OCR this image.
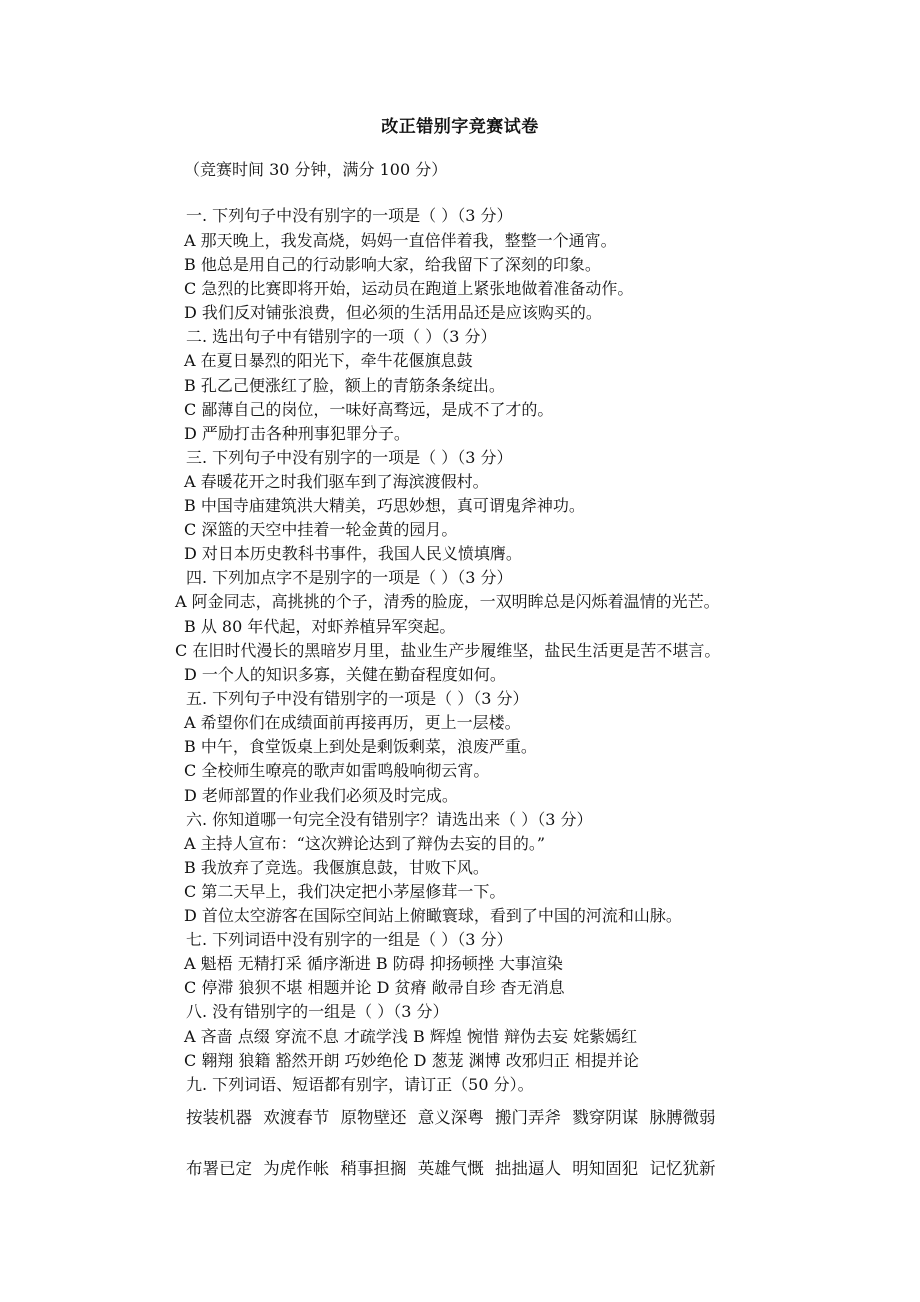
改正错别字竞赛试卷
（竞赛时间 30 分钟，满分 100 分）
一. 下列句子中没有别字的一项是（ ）（3 分）
A 那天晚上，我发高烧，妈妈一直倍伴着我，整整一个通宵。
B 他总是用自己的行动影响大家，给我留下了深刻的印象。
C 急烈的比赛即将开始，运动员在跑道上紧张地做着准备动作。
D 我们反对铺张浪费，但必须的生活用品还是应该购买的。
二. 选出句子中有错别字的一项（ ）（3 分）
A 在夏日暴烈的阳光下，牵牛花偃旗息鼓
B 孔乙己便涨红了脸，额上的青筋条条绽出。
C 鄙薄自己的岗位，一味好高骛远，是成不了才的。
D 严励打击各种刑事犯罪分子。
三. 下列句子中没有别字的一项是（ ）（3 分）
A 春暖花开之时我们驱车到了海滨渡假村。
B 中国寺庙建筑洪大精美，巧思妙想，真可谓鬼斧神功。
C 深篮的天空中挂着一轮金黄的园月。
D 对日本历史教科书事件，我国人民义愤填膺。
四. 下列加点字不是别字的一项是（ ）（3 分）
A 阿金同志，高挑挑的个子，清秀的脸庞，一双明眸总是闪烁着温情的光芒。
B 从 80 年代起，对虾养植异军突起。
C 在旧时代漫长的黑暗岁月里，盐业生产步履维坚，盐民生活更是苦不堪言。
D 一个人的知识多寡，关健在勤奋程度如何。
五. 下列句子中没有错别字的一项是（ ）（3 分）
A 希望你们在成绩面前再接再历，更上一层楼。
B 中午，食堂饭桌上到处是剩饭剩菜，浪废严重。
C 全校师生嘹亮的歌声如雷鸣般响彻云宵。
D 老师部置的作业我们必须及时完成。
六. 你知道哪一句完全没有错别字？请选出来（ ）（3 分）
A 主持人宣布：“这次辨论达到了辩伪去妄的目的。”
B 我放弃了竞选。我偃旗息鼓，甘败下风。
C 第二天早上，我们决定把小茅屋修茸一下。
D 首位太空游客在国际空间站上俯瞰寰球，看到了中国的河流和山脉。
七. 下列词语中没有别字的一组是（ ）（3 分）
A 魁梧 无精打采 循序渐进 B 防碍 抑扬顿挫 大事渲染
C 停滞 狼狈不堪 相题并论 D 贫瘠 敞帚自珍 杳无消息
八. 没有错别字的一组是（ ）（3 分）
A 吝啬 点缀 穿流不息 才疏学浅 B 辉煌 惋惜 辩伪去妄 姹紫嫣红
C 翱翔 狼籍 豁然开朗 巧妙绝伦 D 葱茏 渊博 改邪归正 相提并论
九. 下列词语、短语都有别字，请订正（50 分）。
按装机器 欢渡春节 原物壁还 意义深粤 搬门弄斧 戮穿阴谋 脉膊微弱
布署已定 为虎作帐 稍事担搁 英雄气慨 拙拙逼人 明知固犯 记忆犹新
